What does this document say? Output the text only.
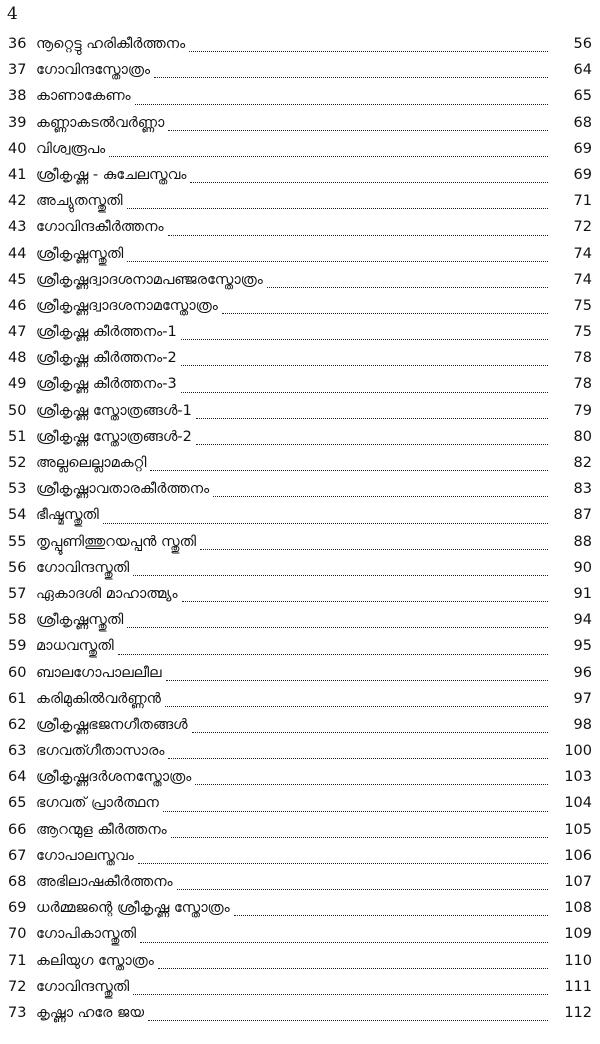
4
36 നൂറ്റെട്ടു ഹരികീർത്തനം	56
37 ഗോവിന്ദസ്തോത്രം	64
38 കാണാകേണം	65
39 കണ്ണാകടൽവർണ്ണാ	68
40 വിശ്വരൂപം	69
41 ശ്രീകൃഷ്ണ - കുചേലസ്തവം	69
42 അച്യുതസ്തുതി	71
43 ഗോവിന്ദകീർത്തനം	72
44 ശ്രീകൃഷ്ണസ്തുതി	74
45 ശ്രീകൃഷ്ണദ്വാദശനാമപഞ്ജരസ്തോത്രം	74
46 ശ്രീകൃഷ്ണദ്വാദശനാമസ്തോത്രം	75
47 ശ്രീകൃഷ്ണ കീർത്തനം-1	75
48 ശ്രീകൃഷ്ണ കീർത്തനം-2	78
49 ശ്രീകൃഷ്ണ കീർത്തനം-3	78
50 ശ്രീകൃഷ്ണ സ്തോത്രങ്ങൾ-1	79
51 ശ്രീകൃഷ്ണ സ്തോത്രങ്ങൾ-2	80
52 അല്ലലെല്ലാമകറ്റി	82
53 ശ്രീകൃഷ്ണാവതാരകീർത്തനം	83
54 ഭീഷ്മസ്തുതി	87
55 തൃപ്പൂണിത്തുറയപ്പൻ സ്തുതി	88
56 ഗോവിന്ദസ്തുതി	90
57 ഏകാദശി മാഹാത്മ്യം	91
58 ശ്രീകൃഷ്ണസ്തുതി	94
59 മാധവസ്തുതി	95
60 ബാലഗോപാലലീല	96
61 കരിമുകിൽവർണ്ണൻ	97
62 ശ്രീകൃഷ്ണഭജനഗീതങ്ങൾ	98
63 ഭഗവത്ഗീതാസാരം	100
64 ശ്രീകൃഷ്ണദർശനസ്തോത്രം	103
65 ഭഗവത് പ്രാർത്ഥന	104
66 ആറന്മുള കീർത്തനം	105
67 ഗോപാലസ്തവം	106
68 അഭിലാഷകീർത്തനം	107
69 ധർമ്മജന്റെ ശ്രീകൃഷ്ണ സ്തോത്രം	108
70 ഗോപികാസ്തുതി	109
71 കലിയുഗ സ്തോത്രം	110
72 ഗോവിന്ദസ്തുതി	111
73 കൃഷ്ണാ ഹരേ ജയ	112
